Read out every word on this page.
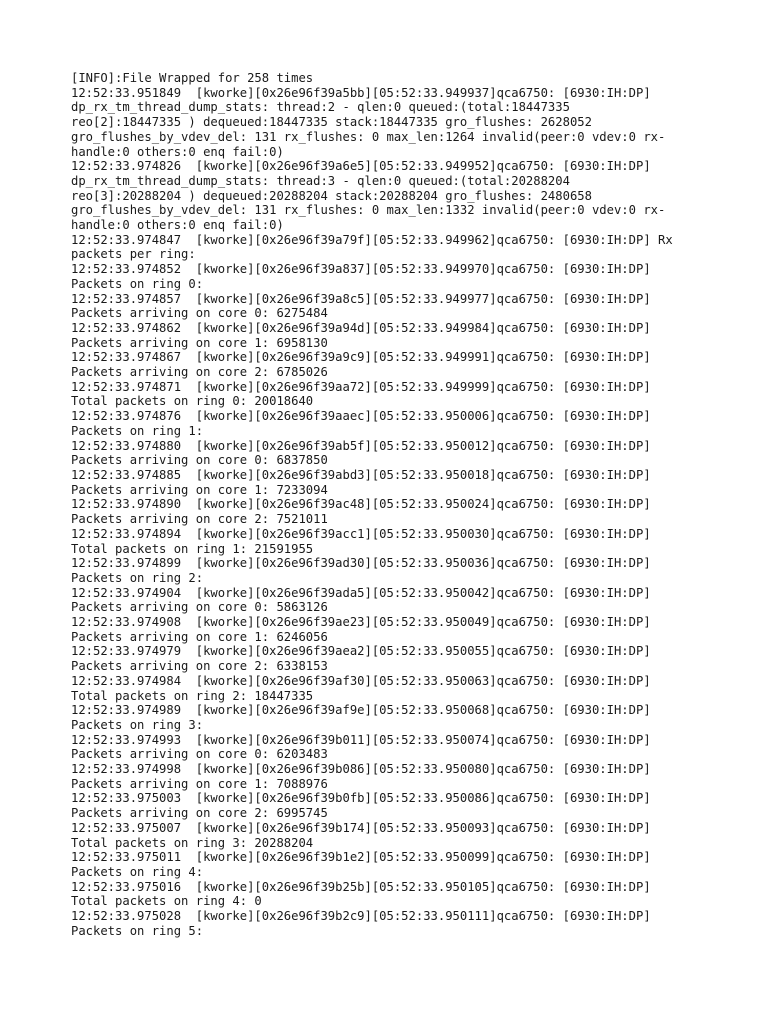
[INFO]:File Wrapped for 258 times

12:52:33.951849  [kworke][0x26e96f39a5bb][05:52:33.949937]qca6750: [6930:IH:DP]

dp_rx_tm_thread_dump_stats: thread:2 - qlen:0 queued:(total:18447335

reo[2]:18447335 ) dequeued:18447335 stack:18447335 gro_flushes: 2628052

gro_flushes_by_vdev_del: 131 rx_flushes: 0 max_len:1264 invalid(peer:0 vdev:0 rx-

handle:0 others:0 enq fail:0)

12:52:33.974826  [kworke][0x26e96f39a6e5][05:52:33.949952]qca6750: [6930:IH:DP]

dp_rx_tm_thread_dump_stats: thread:3 - qlen:0 queued:(total:20288204

reo[3]:20288204 ) dequeued:20288204 stack:20288204 gro_flushes: 2480658

gro_flushes_by_vdev_del: 131 rx_flushes: 0 max_len:1332 invalid(peer:0 vdev:0 rx-

handle:0 others:0 enq fail:0)

12:52:33.974847  [kworke][0x26e96f39a79f][05:52:33.949962]qca6750: [6930:IH:DP] Rx

packets per ring:

12:52:33.974852  [kworke][0x26e96f39a837][05:52:33.949970]qca6750: [6930:IH:DP]

Packets on ring 0:

12:52:33.974857  [kworke][0x26e96f39a8c5][05:52:33.949977]qca6750: [6930:IH:DP]

Packets arriving on core 0: 6275484

12:52:33.974862  [kworke][0x26e96f39a94d][05:52:33.949984]qca6750: [6930:IH:DP]

Packets arriving on core 1: 6958130

12:52:33.974867  [kworke][0x26e96f39a9c9][05:52:33.949991]qca6750: [6930:IH:DP]

Packets arriving on core 2: 6785026

12:52:33.974871  [kworke][0x26e96f39aa72][05:52:33.949999]qca6750: [6930:IH:DP]

Total packets on ring 0: 20018640

12:52:33.974876  [kworke][0x26e96f39aaec][05:52:33.950006]qca6750: [6930:IH:DP]

Packets on ring 1:

12:52:33.974880  [kworke][0x26e96f39ab5f][05:52:33.950012]qca6750: [6930:IH:DP]

Packets arriving on core 0: 6837850

12:52:33.974885  [kworke][0x26e96f39abd3][05:52:33.950018]qca6750: [6930:IH:DP]

Packets arriving on core 1: 7233094

12:52:33.974890  [kworke][0x26e96f39ac48][05:52:33.950024]qca6750: [6930:IH:DP]

Packets arriving on core 2: 7521011

12:52:33.974894  [kworke][0x26e96f39acc1][05:52:33.950030]qca6750: [6930:IH:DP]

Total packets on ring 1: 21591955

12:52:33.974899  [kworke][0x26e96f39ad30][05:52:33.950036]qca6750: [6930:IH:DP]

Packets on ring 2:

12:52:33.974904  [kworke][0x26e96f39ada5][05:52:33.950042]qca6750: [6930:IH:DP]

Packets arriving on core 0: 5863126

12:52:33.974908  [kworke][0x26e96f39ae23][05:52:33.950049]qca6750: [6930:IH:DP]

Packets arriving on core 1: 6246056

12:52:33.974979  [kworke][0x26e96f39aea2][05:52:33.950055]qca6750: [6930:IH:DP]

Packets arriving on core 2: 6338153

12:52:33.974984  [kworke][0x26e96f39af30][05:52:33.950063]qca6750: [6930:IH:DP]

Total packets on ring 2: 18447335

12:52:33.974989  [kworke][0x26e96f39af9e][05:52:33.950068]qca6750: [6930:IH:DP]

Packets on ring 3:

12:52:33.974993  [kworke][0x26e96f39b011][05:52:33.950074]qca6750: [6930:IH:DP]

Packets arriving on core 0: 6203483

12:52:33.974998  [kworke][0x26e96f39b086][05:52:33.950080]qca6750: [6930:IH:DP]

Packets arriving on core 1: 7088976

12:52:33.975003  [kworke][0x26e96f39b0fb][05:52:33.950086]qca6750: [6930:IH:DP]

Packets arriving on core 2: 6995745

12:52:33.975007  [kworke][0x26e96f39b174][05:52:33.950093]qca6750: [6930:IH:DP]

Total packets on ring 3: 20288204

12:52:33.975011  [kworke][0x26e96f39b1e2][05:52:33.950099]qca6750: [6930:IH:DP]

Packets on ring 4:

12:52:33.975016  [kworke][0x26e96f39b25b][05:52:33.950105]qca6750: [6930:IH:DP]

Total packets on ring 4: 0

12:52:33.975028  [kworke][0x26e96f39b2c9][05:52:33.950111]qca6750: [6930:IH:DP]

Packets on ring 5:
